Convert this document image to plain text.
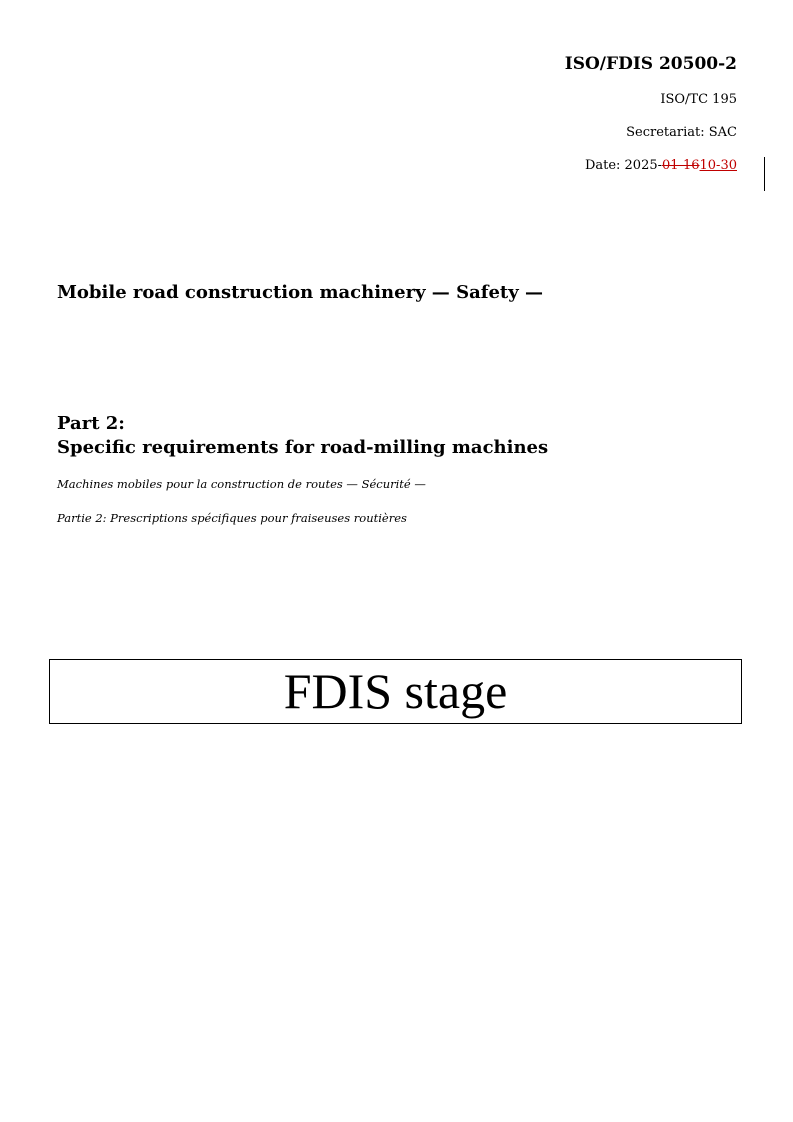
ISO/FDIS 20500-2
ISO/TC 195
Secretariat: SAC
Date: 2025-01-1610-30
Mobile road construction machinery — Safety —
Part 2:
Specific requirements for road-milling machines
Machines mobiles pour la construction de routes — Sécurité —
Partie 2: Prescriptions spécifiques pour fraiseuses routières
FDIS stage
